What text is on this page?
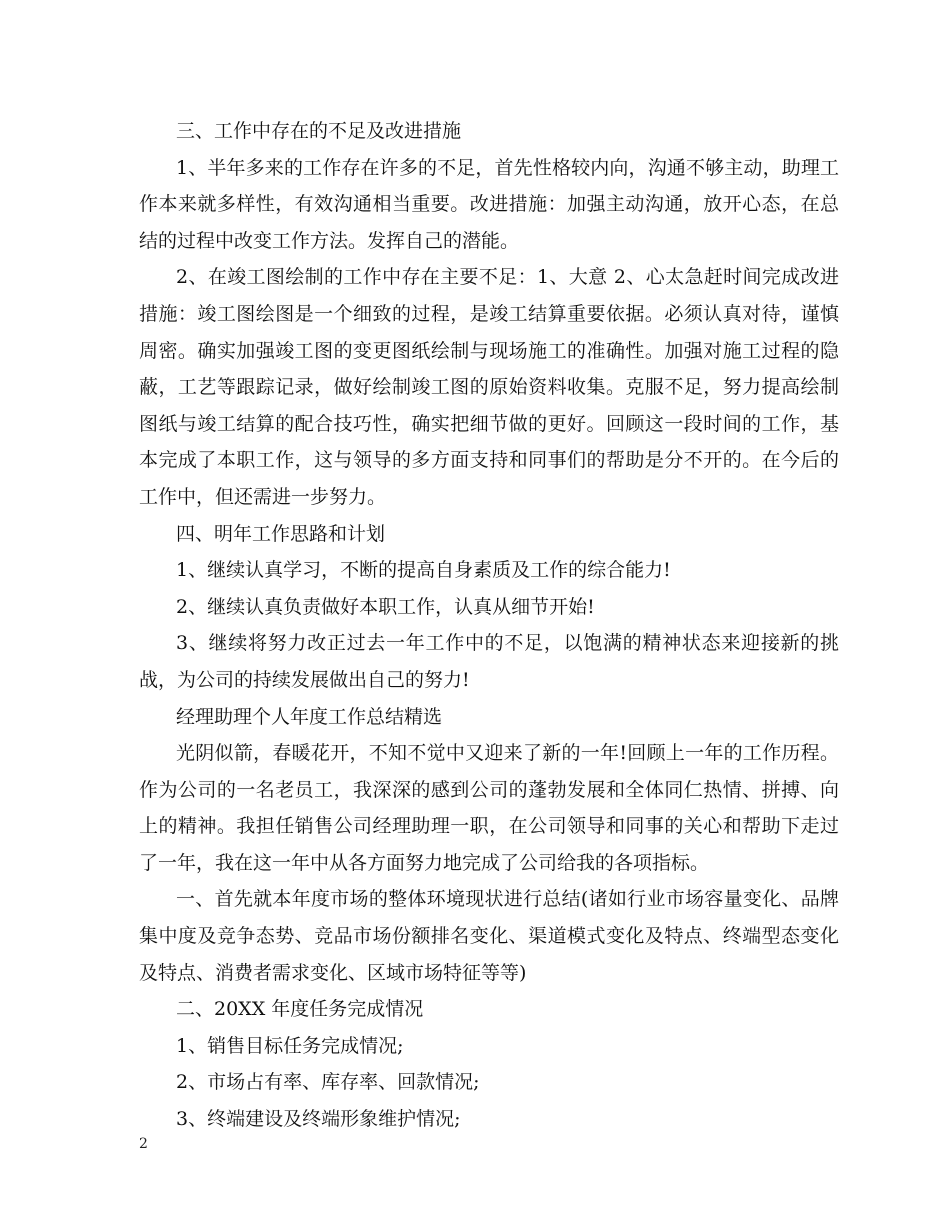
三、工作中存在的不足及改进措施

1、半年多来的工作存在许多的不足，首先性格较内向，沟通不够主动，助理工作本来就多样性，有效沟通相当重要。改进措施：加强主动沟通，放开心态，在总结的过程中改变工作方法。发挥自己的潜能。

2、在竣工图绘制的工作中存在主要不足：1、大意 2、心太急赶时间完成改进措施：竣工图绘图是一个细致的过程，是竣工结算重要依据。必须认真对待，谨慎周密。确实加强竣工图的变更图纸绘制与现场施工的准确性。加强对施工过程的隐蔽，工艺等跟踪记录，做好绘制竣工图的原始资料收集。克服不足，努力提高绘制图纸与竣工结算的配合技巧性，确实把细节做的更好。回顾这一段时间的工作，基本完成了本职工作，这与领导的多方面支持和同事们的帮助是分不开的。在今后的工作中，但还需进一步努力。

四、明年工作思路和计划

1、继续认真学习，不断的提高自身素质及工作的综合能力!

2、继续认真负责做好本职工作，认真从细节开始!

3、继续将努力改正过去一年工作中的不足，以饱满的精神状态来迎接新的挑战，为公司的持续发展做出自己的努力!

经理助理个人年度工作总结精选

光阴似箭，春暖花开，不知不觉中又迎来了新的一年!回顾上一年的工作历程。作为公司的一名老员工，我深深的感到公司的蓬勃发展和全体同仁热情、拼搏、向上的精神。我担任销售公司经理助理一职，在公司领导和同事的关心和帮助下走过了一年，我在这一年中从各方面努力地完成了公司给我的各项指标。

一、首先就本年度市场的整体环境现状进行总结(诸如行业市场容量变化、品牌集中度及竞争态势、竞品市场份额排名变化、渠道模式变化及特点、终端型态变化及特点、消费者需求变化、区域市场特征等等)

二、20XX 年度任务完成情况

1、销售目标任务完成情况;

2、市场占有率、库存率、回款情况;

3、终端建设及终端形象维护情况;

2
